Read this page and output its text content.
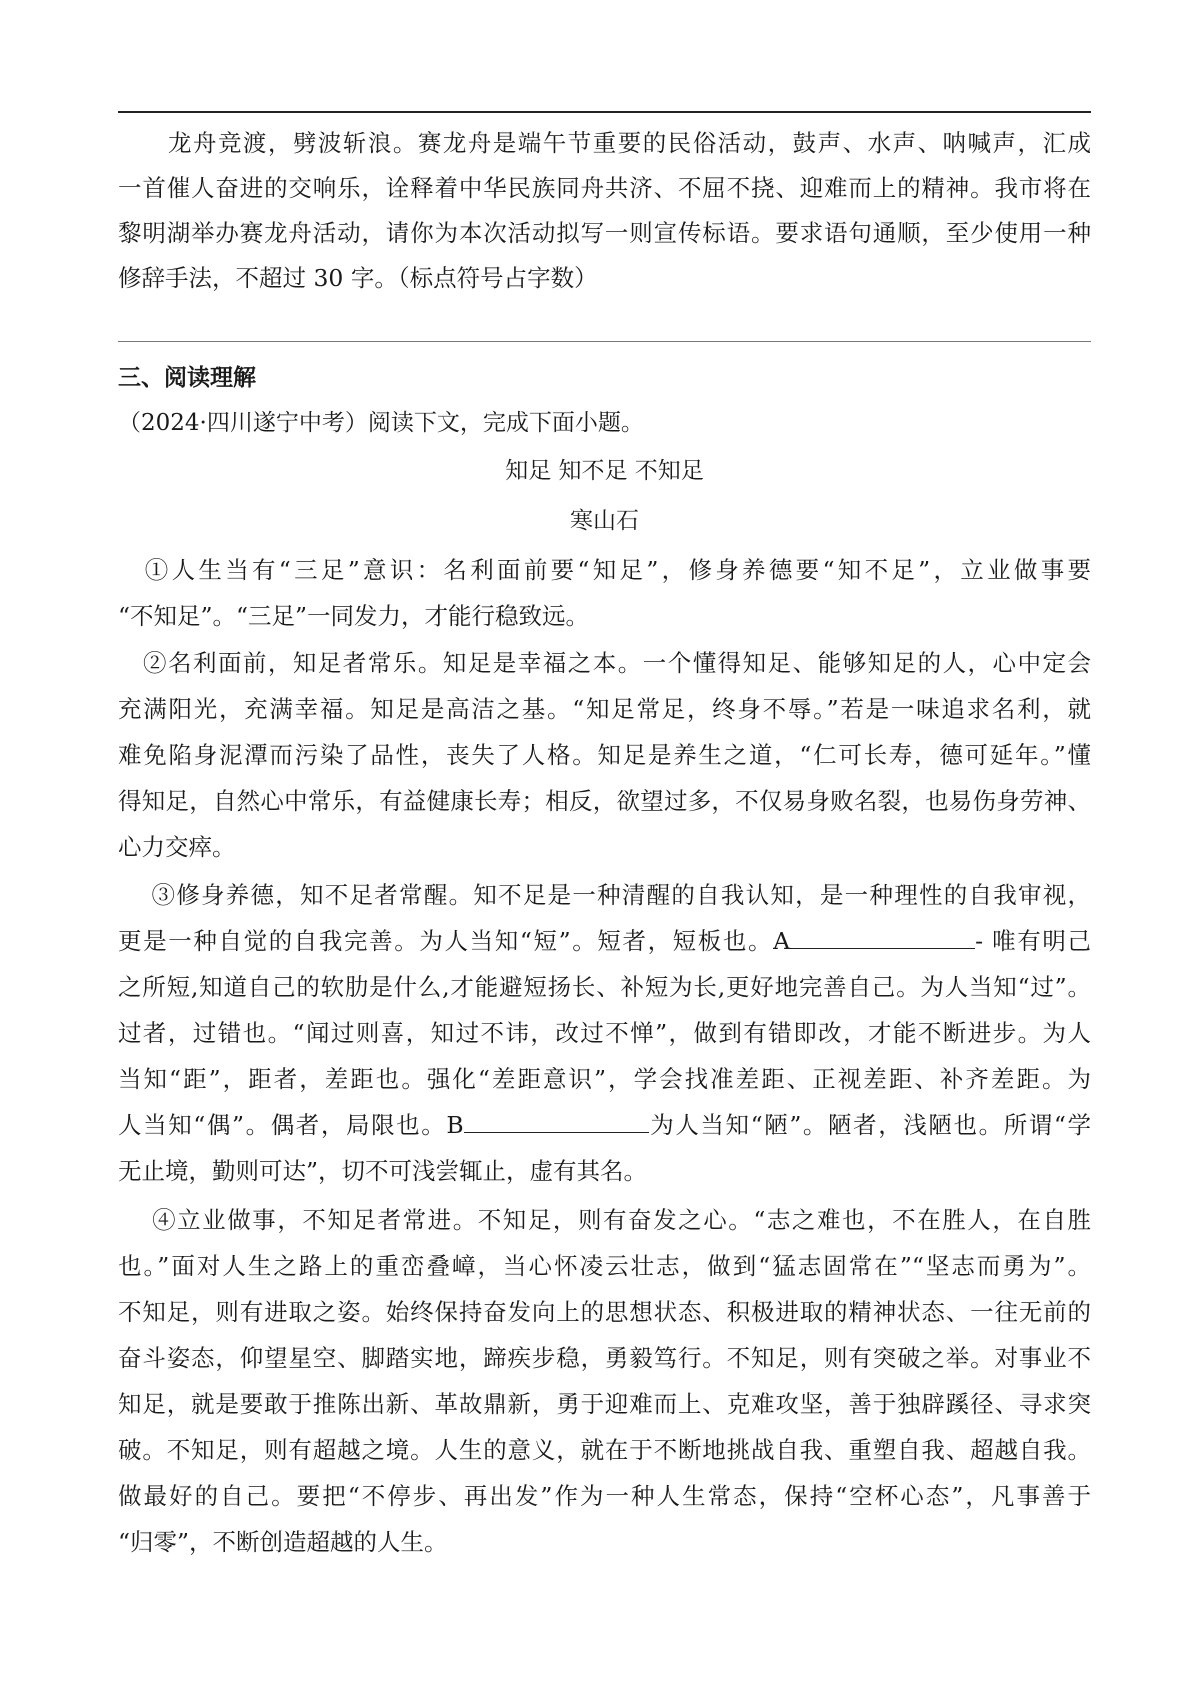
　　龙舟竞渡，劈波斩浪。赛龙舟是端午节重要的民俗活动，鼓声、水声、呐喊声，汇成
一首催人奋进的交响乐，诠释着中华民族同舟共济、不屈不挠、迎难而上的精神。我市将在
黎明湖举办赛龙舟活动，请你为本次活动拟写一则宣传标语。要求语句通顺，至少使用一种
修辞手法，不超过 30 字。（标点符号占字数）
三、阅读理解
（2024·四川遂宁中考）阅读下文，完成下面小题。
知足 知不足 不知足
寒山石
　①人生当有“三足”意识：名利面前要“知足”，修身养德要“知不足”，立业做事要
“不知足”。“三足”一同发力，才能行稳致远。
　②名利面前，知足者常乐。知足是幸福之本。一个懂得知足、能够知足的人，心中定会
充满阳光，充满幸福。知足是高洁之基。“知足常足，终身不辱。”若是一味追求名利，就
难免陷身泥潭而污染了品性，丧失了人格。知足是养生之道，“仁可长寿，德可延年。”懂
得知足，自然心中常乐，有益健康长寿；相反，欲望过多，不仅易身败名裂，也易伤身劳神、
心力交瘁。
　 ③修身养德，知不足者常醒。知不足是一种清醒的自我认知，是一种理性的自我审视，
更是一种自觉的自我完善。为人当知“短”。短者，短板也。A	- 唯有明己
之所短,知道自己的软肋是什么,才能避短扬长、补短为长,更好地完善自己。为人当知“过”。
过者，过错也。“闻过则喜，知过不讳，改过不惮”，做到有错即改，才能不断进步。为人
当知“距”，距者，差距也。强化“差距意识”，学会找准差距、正视差距、补齐差距。为
人当知“偶”。偶者，局限也。B	为人当知“陋”。陋者，浅陋也。所谓“学
无止境，勤则可达”，切不可浅尝辄止，虚有其名。
　 ④立业做事，不知足者常进。不知足，则有奋发之心。“志之难也，不在胜人，在自胜
也。”面对人生之路上的重峦叠嶂，当心怀凌云壮志，做到“猛志固常在”“坚志而勇为”。
不知足，则有进取之姿。始终保持奋发向上的思想状态、积极进取的精神状态、一往无前的
奋斗姿态，仰望星空、脚踏实地，蹄疾步稳，勇毅笃行。不知足，则有突破之举。对事业不
知足，就是要敢于推陈出新、革故鼎新，勇于迎难而上、克难攻坚，善于独辟蹊径、寻求突
破。不知足，则有超越之境。人生的意义，就在于不断地挑战自我、重塑自我、超越自我。
做最好的自己。要把“不停步、再出发”作为一种人生常态，保持“空杯心态”，凡事善于
“归零”，不断创造超越的人生。
